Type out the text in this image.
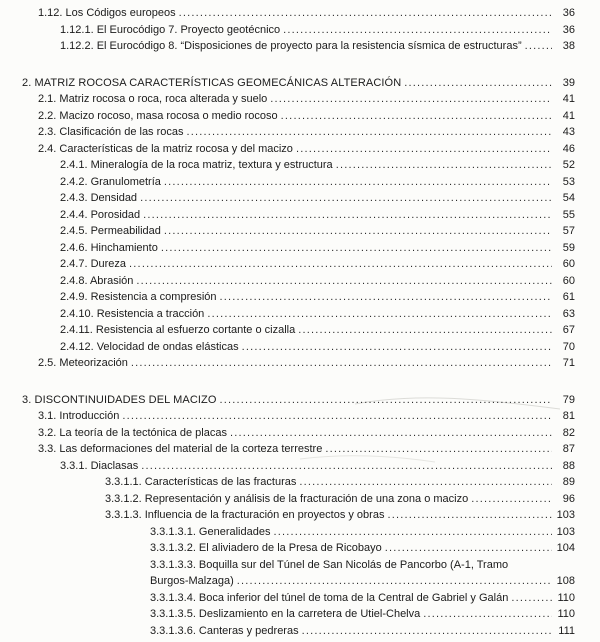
1.12. Los Códigos europeos .....	36
1.12.1. El Eurocódigo 7. Proyecto geotécnico .....	36
1.12.2. El Eurocódigo 8. “Disposiciones de proyecto para la resistencia sísmica de estructuras” .....	38
2. MATRIZ ROCOSA CARACTERÍSTICAS GEOMECÁNICAS ALTERACIÓN .....	39
2.1. Matriz rocosa o roca, roca alterada y suelo .....	41
2.2. Macizo rocoso, masa rocosa o medio rocoso .....	41
2.3. Clasificación de las rocas .....	43
2.4. Características de la matriz rocosa y del macizo .....	46
2.4.1. Mineralogía de la roca matriz, textura y estructura .....	52
2.4.2. Granulometría .....	53
2.4.3. Densidad .....	54
2.4.4. Porosidad .....	55
2.4.5. Permeabilidad .....	57
2.4.6. Hinchamiento .....	59
2.4.7. Dureza .....	60
2.4.8. Abrasión .....	60
2.4.9. Resistencia a compresión .....	61
2.4.10. Resistencia a tracción .....	63
2.4.11. Resistencia al esfuerzo cortante o cizalla .....	67
2.4.12. Velocidad de ondas elásticas .....	70
2.5. Meteorización .....	71
3. DISCONTINUIDADES DEL MACIZO .....	79
3.1. Introducción .....	81
3.2. La teoría de la tectónica de placas .....	82
3.3. Las deformaciones del material de la corteza terrestre .....	87
3.3.1. Diaclasas .....	88
3.3.1.1. Características de las fracturas .....	89
3.3.1.2. Representación y análisis de la fracturación de una zona o macizo .....	96
3.3.1.3. Influencia de la fracturación en proyectos y obras .....	103
3.3.1.3.1. Generalidades .....	103
3.3.1.3.2. El aliviadero de la Presa de Ricobayo .....	104
3.3.1.3.3. Boquilla sur del Túnel de San Nicolás de Pancorbo (A-1, Tramo
Burgos-Malzaga) .....	108
3.3.1.3.4. Boca inferior del túnel de toma de la Central de Gabriel y Galán .....	110
3.3.1.3.5. Deslizamiento en la carretera de Utiel-Chelva .....	110
3.3.1.3.6. Canteras y pedreras .....	111
